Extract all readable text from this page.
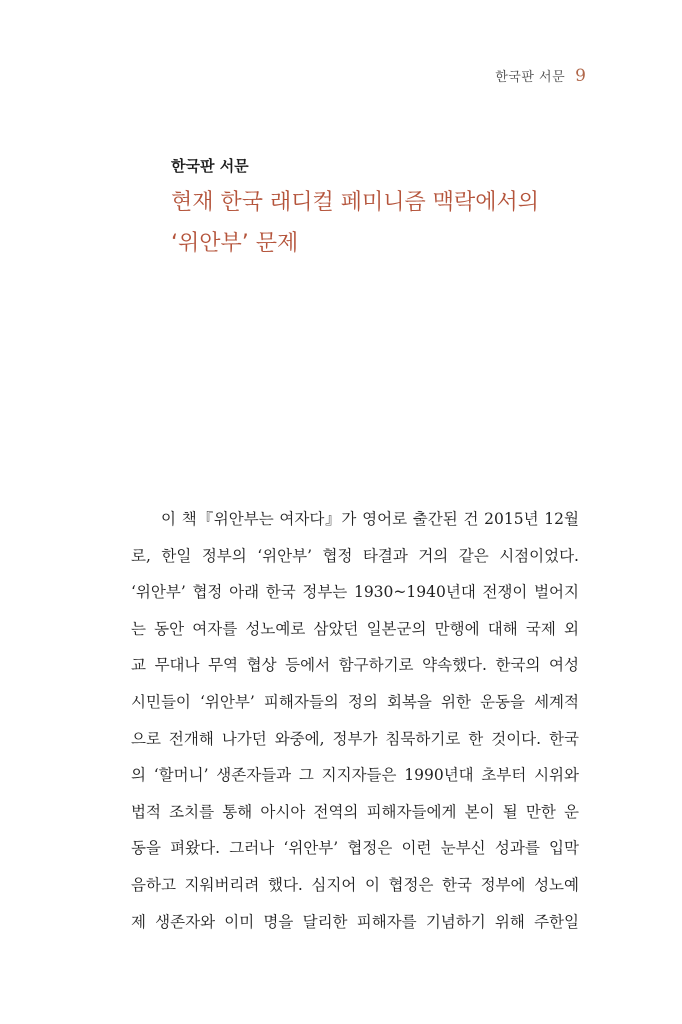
한국판 서문 9
한국판 서문
현재 한국 래디컬 페미니즘 맥락에서의
‘위안부’ 문제
이 책『위안부는 여자다』가 영어로 출간된 건 2015년 12월
로, 한일 정부의 ‘위안부’ 협정 타결과 거의 같은 시점이었다.
‘위안부’ 협정 아래 한국 정부는 1930~1940년대 전쟁이 벌어지
는 동안 여자를 성노예로 삼았던 일본군의 만행에 대해 국제 외
교 무대나 무역 협상 등에서 함구하기로 약속했다. 한국의 여성
시민들이 ‘위안부’ 피해자들의 정의 회복을 위한 운동을 세계적
으로 전개해 나가던 와중에, 정부가 침묵하기로 한 것이다. 한국
의 ‘할머니’ 생존자들과 그 지지자들은 1990년대 초부터 시위와
법적 조치를 통해 아시아 전역의 피해자들에게 본이 될 만한 운
동을 펴왔다. 그러나 ‘위안부’ 협정은 이런 눈부신 성과를 입막
음하고 지워버리려 했다. 심지어 이 협정은 한국 정부에 성노예
제 생존자와 이미 명을 달리한 피해자를 기념하기 위해 주한일
